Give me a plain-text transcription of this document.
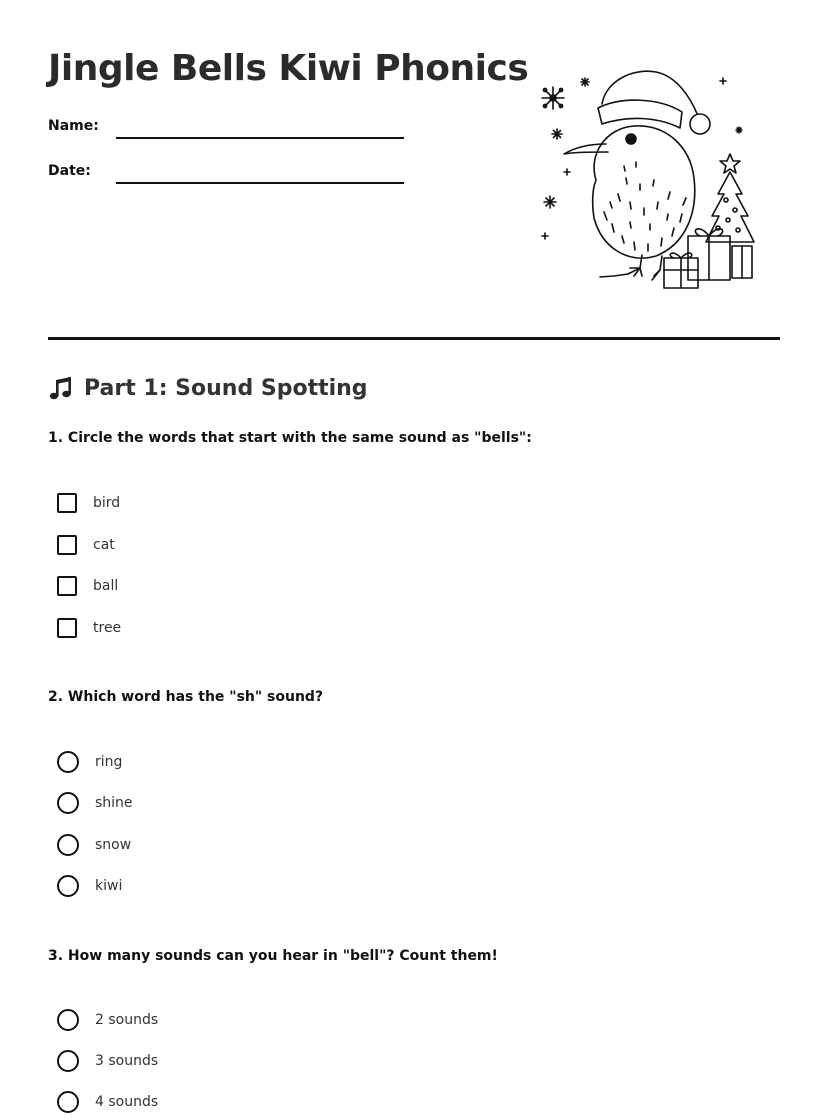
Jingle Bells Kiwi Phonics
Name:
Date:
Part 1: Sound Spotting

1. Circle the words that start with the same sound as "bells":

bird
cat
ball
tree

2. Which word has the "sh" sound?

ring
shine
snow
kiwi

3. How many sounds can you hear in "bell"? Count them!

2 sounds
3 sounds
4 sounds
